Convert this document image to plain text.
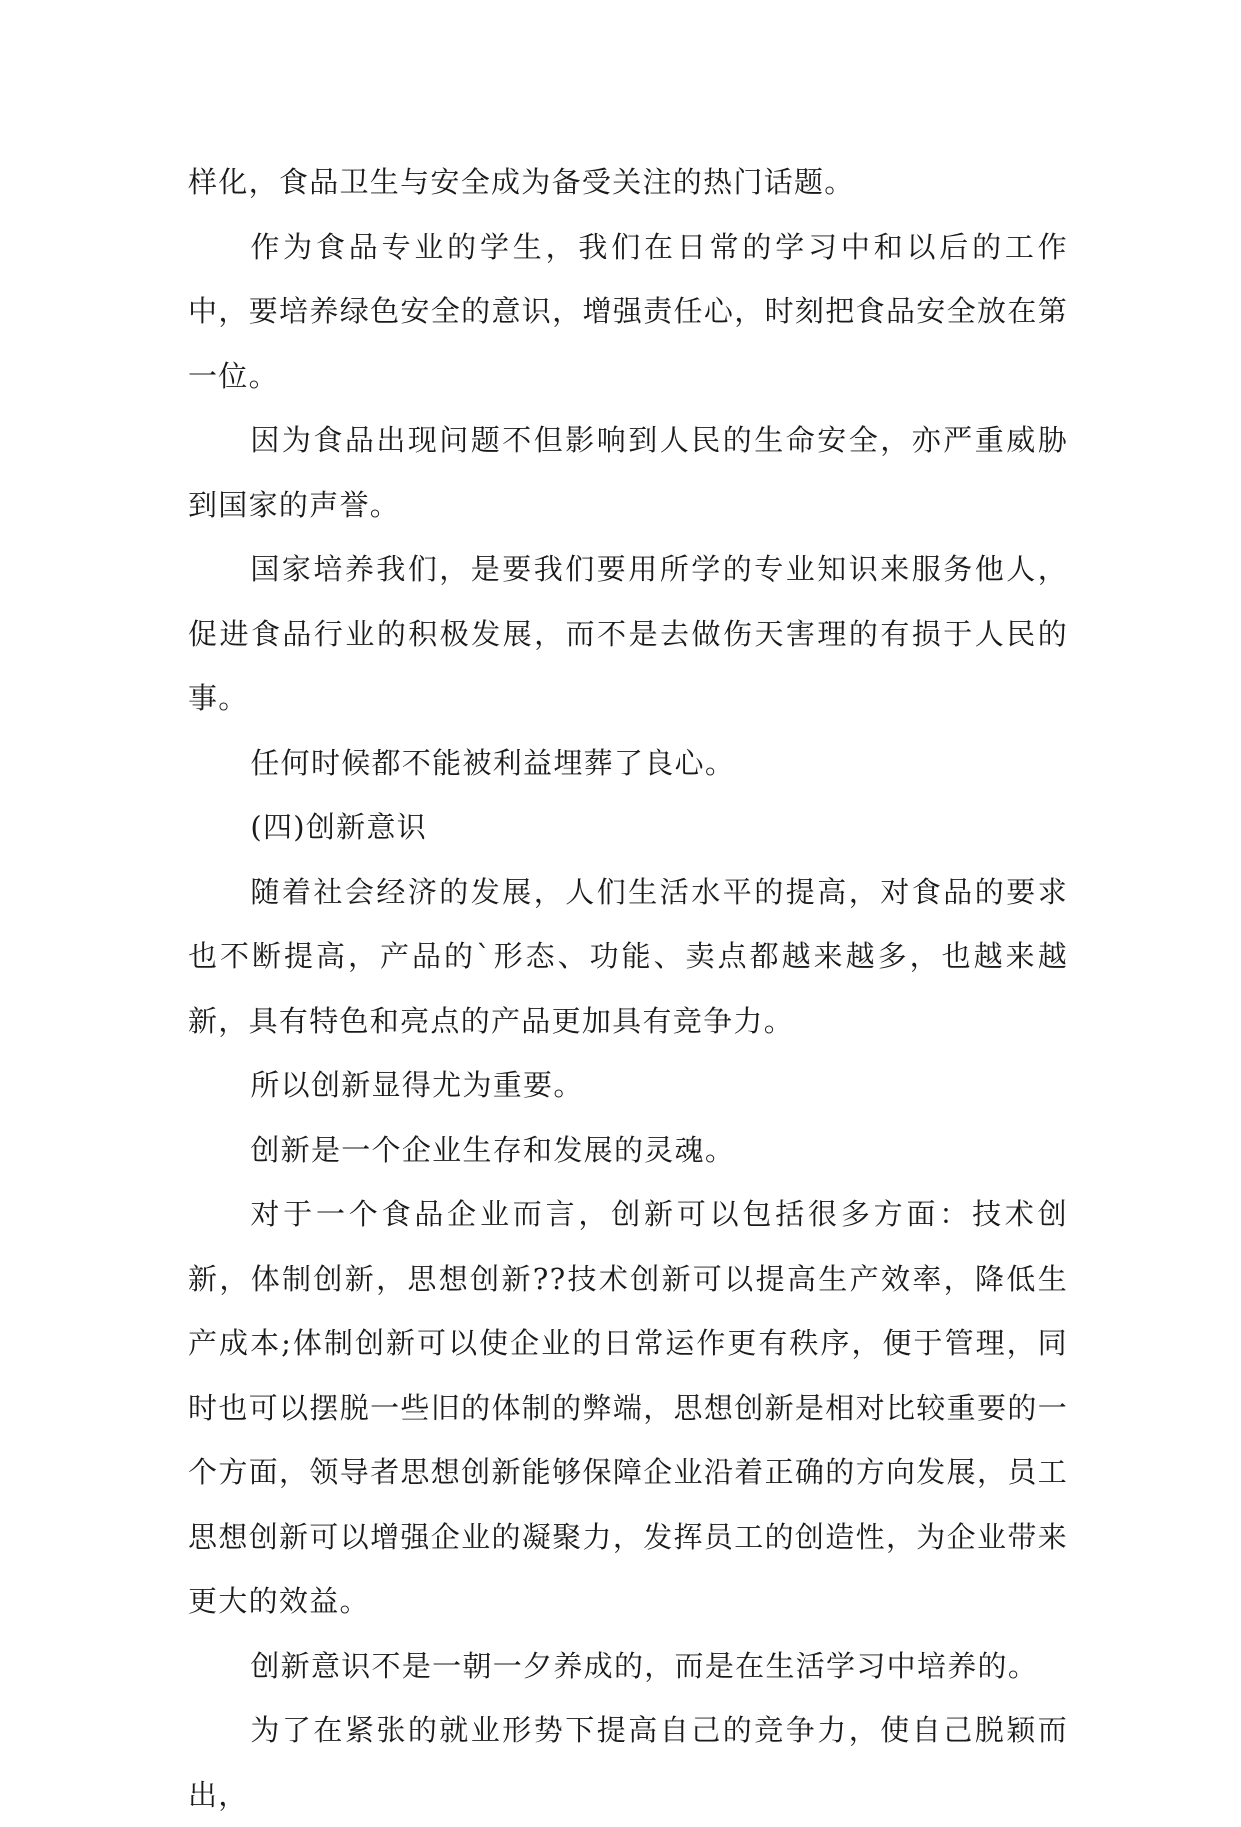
样化，食品卫生与安全成为备受关注的热门话题。

作为食品专业的学生，我们在日常的学习中和以后的工作中，要培养绿色安全的意识，增强责任心，时刻把食品安全放在第一位。

因为食品出现问题不但影响到人民的生命安全，亦严重威胁到国家的声誉。

国家培养我们，是要我们要用所学的专业知识来服务他人，促进食品行业的积极发展，而不是去做伤天害理的有损于人民的事。

任何时候都不能被利益埋葬了良心。

(四)创新意识

随着社会经济的发展，人们生活水平的提高，对食品的要求也不断提高，产品的`形态、功能、卖点都越来越多，也越来越新，具有特色和亮点的产品更加具有竞争力。

所以创新显得尤为重要。

创新是一个企业生存和发展的灵魂。

对于一个食品企业而言，创新可以包括很多方面：技术创新，体制创新，思想创新??技术创新可以提高生产效率，降低生产成本;体制创新可以使企业的日常运作更有秩序，便于管理，同时也可以摆脱一些旧的体制的弊端，思想创新是相对比较重要的一个方面，领导者思想创新能够保障企业沿着正确的方向发展，员工思想创新可以增强企业的凝聚力，发挥员工的创造性，为企业带来更大的效益。

创新意识不是一朝一夕养成的，而是在生活学习中培养的。

为了在紧张的就业形势下提高自己的竞争力，使自己脱颖而出，
